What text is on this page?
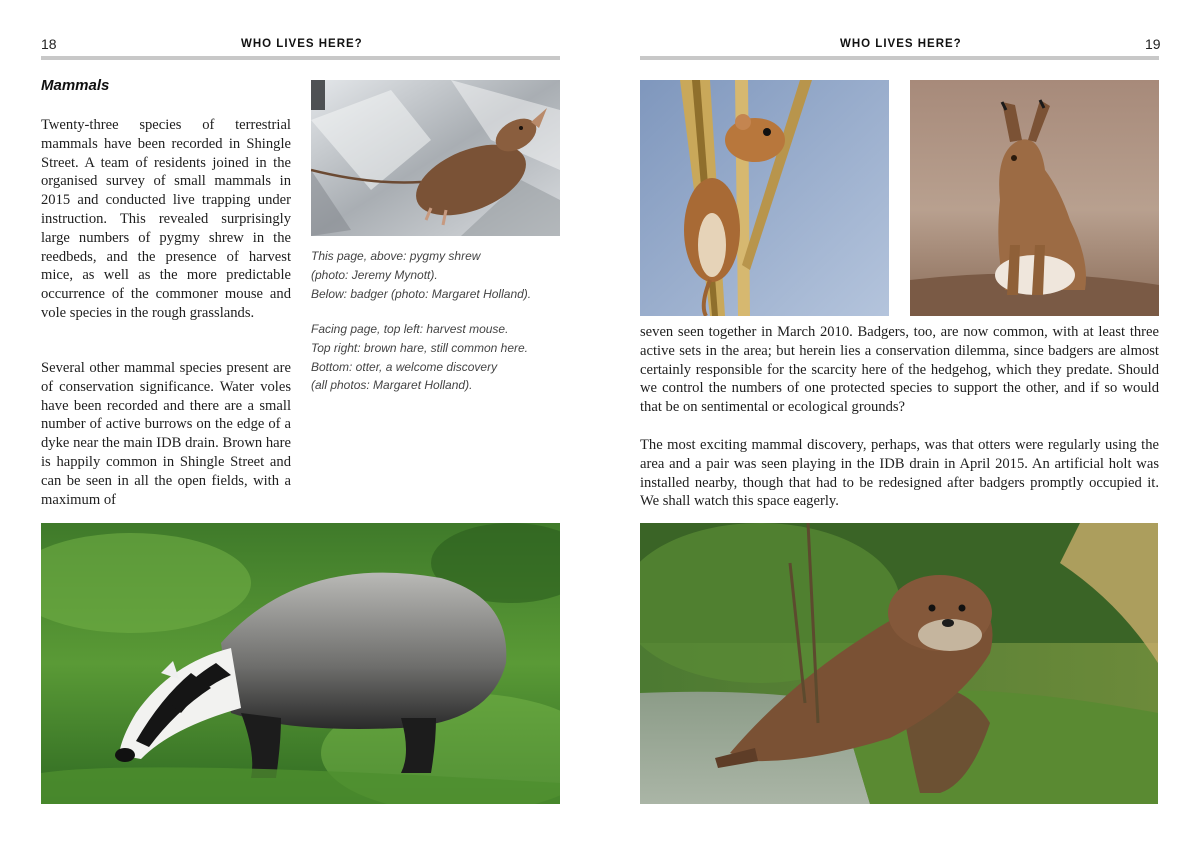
18	WHO LIVES HERE?
Mammals

Twenty-three species of terrestrial mammals have been recorded in Shingle Street. A team of residents joined in the organised survey of small mammals in 2015 and conducted live trapping under instruction. This revealed surprisingly large numbers of pygmy shrew in the reedbeds, and the presence of harvest mice, as well as the more predictable occurrence of the commoner mouse and vole species in the rough grasslands.

Several other mammal species present are of conservation significance. Water voles have been recorded and there are a small number of active burrows on the edge of a dyke near the main IDB drain. Brown hare is happily common in Shingle Street and can be seen in all the open fields, with a maximum of

This page, above: pygmy shrew
(photo: Jeremy Mynott).
Below: badger (photo: Margaret Holland).

Facing page, top left: harvest mouse.
Top right: brown hare, still common here.
Bottom: otter, a welcome discovery
(all photos: Margaret Holland).

WHO LIVES HERE?	19

seven seen together in March 2010. Badgers, too, are now common, with at least three active sets in the area; but herein lies a conservation dilemma, since badgers are almost certainly responsible for the scarcity here of the hedgehog, which they predate. Should we control the numbers of one protected species to support the other, and if so would that be on sentimental or ecological grounds?

The most exciting mammal discovery, perhaps, was that otters were regularly using the area and a pair was seen playing in the IDB drain in April 2015. An artificial holt was installed nearby, though that had to be redesigned after badgers promptly occupied it. We shall watch this space eagerly.
